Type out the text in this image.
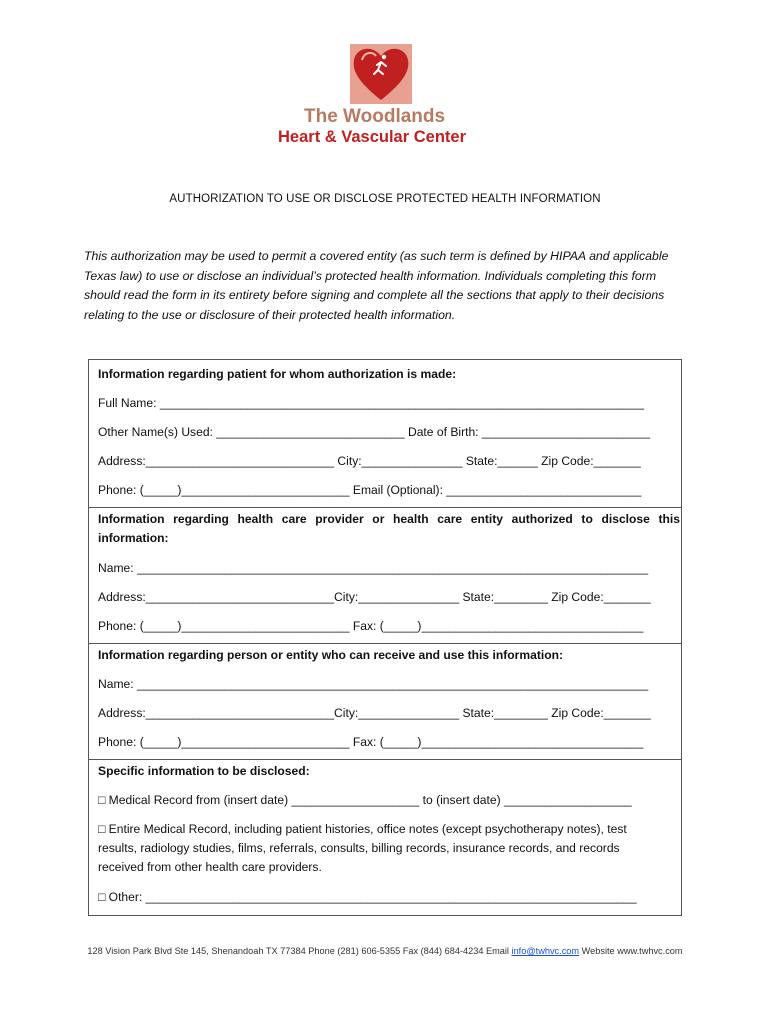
The Woodlands
Heart & Vascular Center
AUTHORIZATION TO USE OR DISCLOSE PROTECTED HEALTH INFORMATION
This authorization may be used to permit a covered entity (as such term is defined by HIPAA and applicable Texas law) to use or disclose an individual’s protected health information. Individuals completing this form should read the form in its entirety before signing and complete all the sections that apply to their decisions relating to the use or disclosure of their protected health information.
Information regarding patient for whom authorization is made:
Full Name: ________________________________________________________________________
Other Name(s) Used: ____________________________ Date of Birth: _________________________
Address:____________________________ City:_______________ State:______ Zip Code:_______
Phone: (_____)_________________________ Email (Optional): _____________________________
Information regarding health care provider or health care entity authorized to disclose this information:
Name: ____________________________________________________________________________
Address:____________________________City:_______________ State:________ Zip Code:_______
Phone: (_____)_________________________ Fax: (_____)_________________________________
Information regarding person or entity who can receive and use this information:
Name: ____________________________________________________________________________
Address:____________________________City:_______________ State:________ Zip Code:_______
Phone: (_____)_________________________ Fax: (_____)_________________________________
Specific information to be disclosed:
□ Medical Record from (insert date) ___________________ to (insert date) ___________________
□ Entire Medical Record, including patient histories, office notes (except psychotherapy notes), test results, radiology studies, films, referrals, consults, billing records, insurance records, and records received from other health care providers.
□ Other: _________________________________________________________________________
128 Vision Park Blvd Ste 145, Shenandoah TX 77384 Phone (281) 606-5355 Fax (844) 684-4234 Email info@twhvc.com Website www.twhvc.com
